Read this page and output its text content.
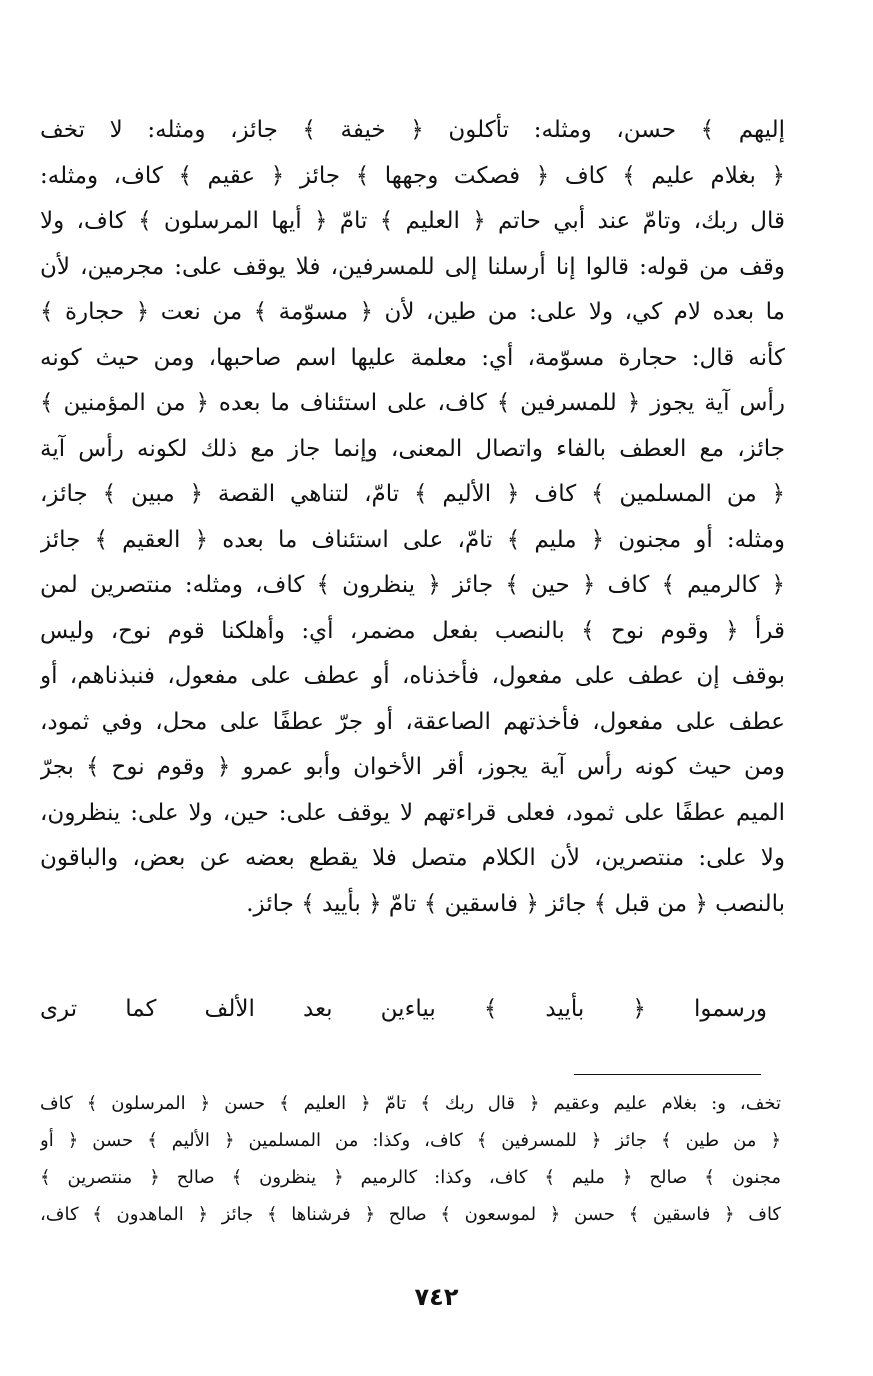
إليهم ﴾ حسن، ومثله: تأكلون ﴿ خيفة ﴾ جائز، ومثله: لا تخف
﴿ بغلام عليم ﴾ كاف ﴿ فصكت وجهها ﴾ جائز ﴿ عقيم ﴾ كاف، ومثله:
قال ربك، وتامّ عند أبي حاتم ﴿ العليم ﴾ تامّ ﴿ أيها المرسلون ﴾ كاف، ولا
وقف من قوله: قالوا إنا أرسلنا إلى للمسرفين، فلا يوقف على: مجرمين، لأن
ما بعده لام كي، ولا على: من طين، لأن ﴿ مسوّمة ﴾ من نعت ﴿ حجارة ﴾
كأنه قال: حجارة مسوّمة، أي: معلمة عليها اسم صاحبها، ومن حيث كونه
رأس آية يجوز ﴿ للمسرفين ﴾ كاف، على استئناف ما بعده ﴿ من المؤمنين ﴾
جائز، مع العطف بالفاء واتصال المعنى، وإنما جاز مع ذلك لكونه رأس آية
﴿ من المسلمين ﴾ كاف ﴿ الأليم ﴾ تامّ، لتناهي القصة ﴿ مبين ﴾ جائز،
ومثله: أو مجنون ﴿ مليم ﴾ تامّ، على استئناف ما بعده ﴿ العقيم ﴾ جائز
﴿ كالرميم ﴾ كاف ﴿ حين ﴾ جائز ﴿ ينظرون ﴾ كاف، ومثله: منتصرين لمن
قرأ ﴿ وقوم نوح ﴾ بالنصب بفعل مضمر، أي: وأهلكنا قوم نوح، وليس
بوقف إن عطف على مفعول، فأخذناه، أو عطف على مفعول، فنبذناهم، أو
عطف على مفعول، فأخذتهم الصاعقة، أو جرّ عطفًا على محل، وفي ثمود،
ومن حيث كونه رأس آية يجوز، أقر الأخوان وأبو عمرو ﴿ وقوم نوح ﴾ بجرّ
الميم عطفًا على ثمود، فعلى قراءتهم لا يوقف على: حين، ولا على: ينظرون،
ولا على: منتصرين، لأن الكلام متصل فلا يقطع بعضه عن بعض، والباقون
بالنصب ﴿ من قبل ﴾ جائز ﴿ فاسقين ﴾ تامّ ﴿ بأييد ﴾ جائز.
ورسموا ﴿ بأييد ﴾ بياءين بعد الألف كما ترى
تخف، و: بغلام عليم وعقيم ﴿ قال ربك ﴾ تامّ ﴿ العليم ﴾ حسن ﴿ المرسلون ﴾ كاف
﴿ من طين ﴾ جائز ﴿ للمسرفين ﴾ كاف، وكذا: من المسلمين ﴿ الأليم ﴾ حسن ﴿ أو
مجنون ﴾ صالح ﴿ مليم ﴾ كاف، وكذا: كالرميم ﴿ ينظرون ﴾ صالح ﴿ منتصرين ﴾
كاف ﴿ فاسقين ﴾ حسن ﴿ لموسعون ﴾ صالح ﴿ فرشناها ﴾ جائز ﴿ الماهدون ﴾ كاف،
٧٤٢
